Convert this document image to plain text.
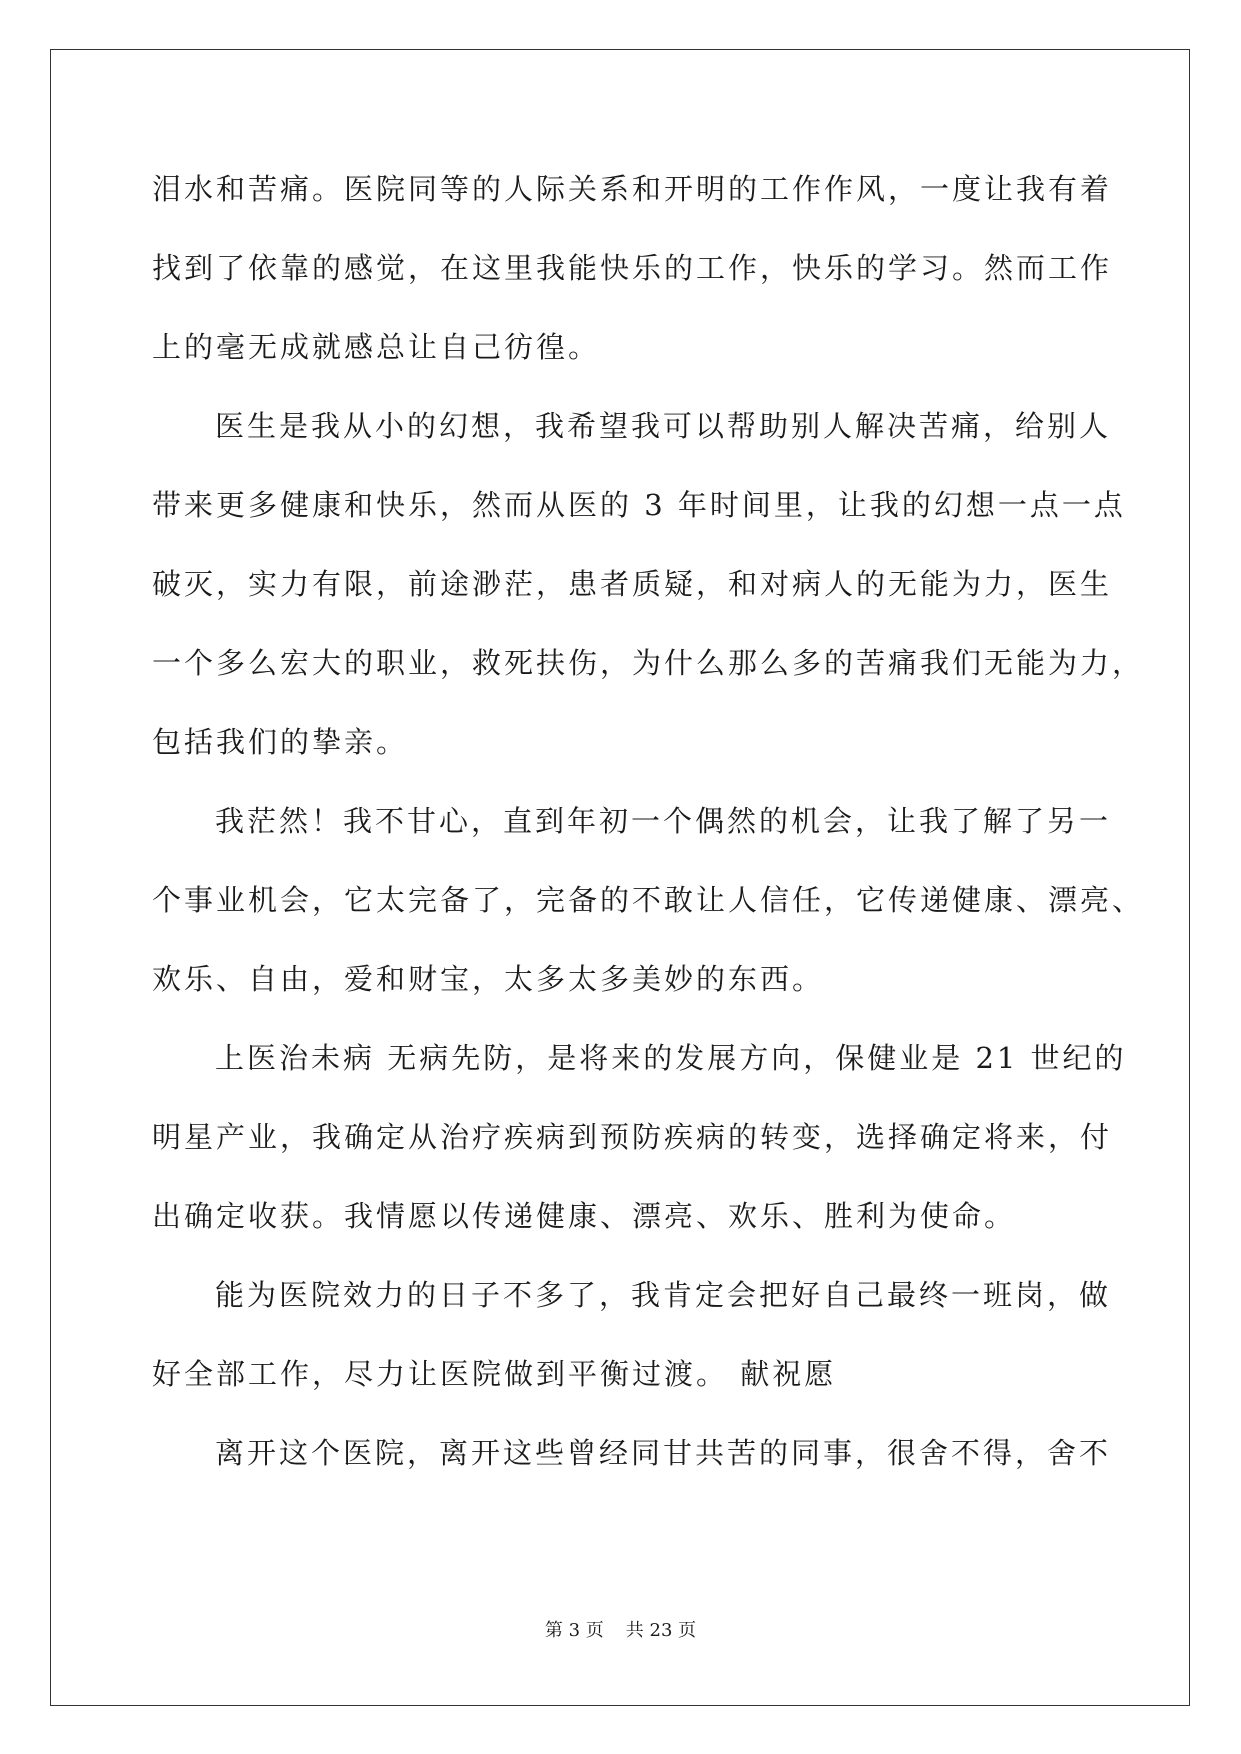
泪水和苦痛。医院同等的人际关系和开明的工作作风，一度让我有着
找到了依靠的感觉，在这里我能快乐的工作，快乐的学习。然而工作
上的毫无成就感总让自己彷徨。
医生是我从小的幻想，我希望我可以帮助别人解决苦痛，给别人
带来更多健康和快乐，然而从医的 3 年时间里，让我的幻想一点一点
破灭，实力有限，前途渺茫，患者质疑，和对病人的无能为力，医生
一个多么宏大的职业，救死扶伤，为什么那么多的苦痛我们无能为力，
包括我们的挚亲。
我茫然！我不甘心，直到年初一个偶然的机会，让我了解了另一
个事业机会，它太完备了，完备的不敢让人信任，它传递健康、漂亮、
欢乐、自由，爱和财宝，太多太多美妙的东西。
上医治未病 无病先防，是将来的发展方向，保健业是 21 世纪的
明星产业，我确定从治疗疾病到预防疾病的转变，选择确定将来，付
出确定收获。我情愿以传递健康、漂亮、欢乐、胜利为使命。
能为医院效力的日子不多了，我肯定会把好自己最终一班岗，做
好全部工作，尽力让医院做到平衡过渡。 献祝愿
离开这个医院，离开这些曾经同甘共苦的同事，很舍不得，舍不
第 3 页 共 23 页
